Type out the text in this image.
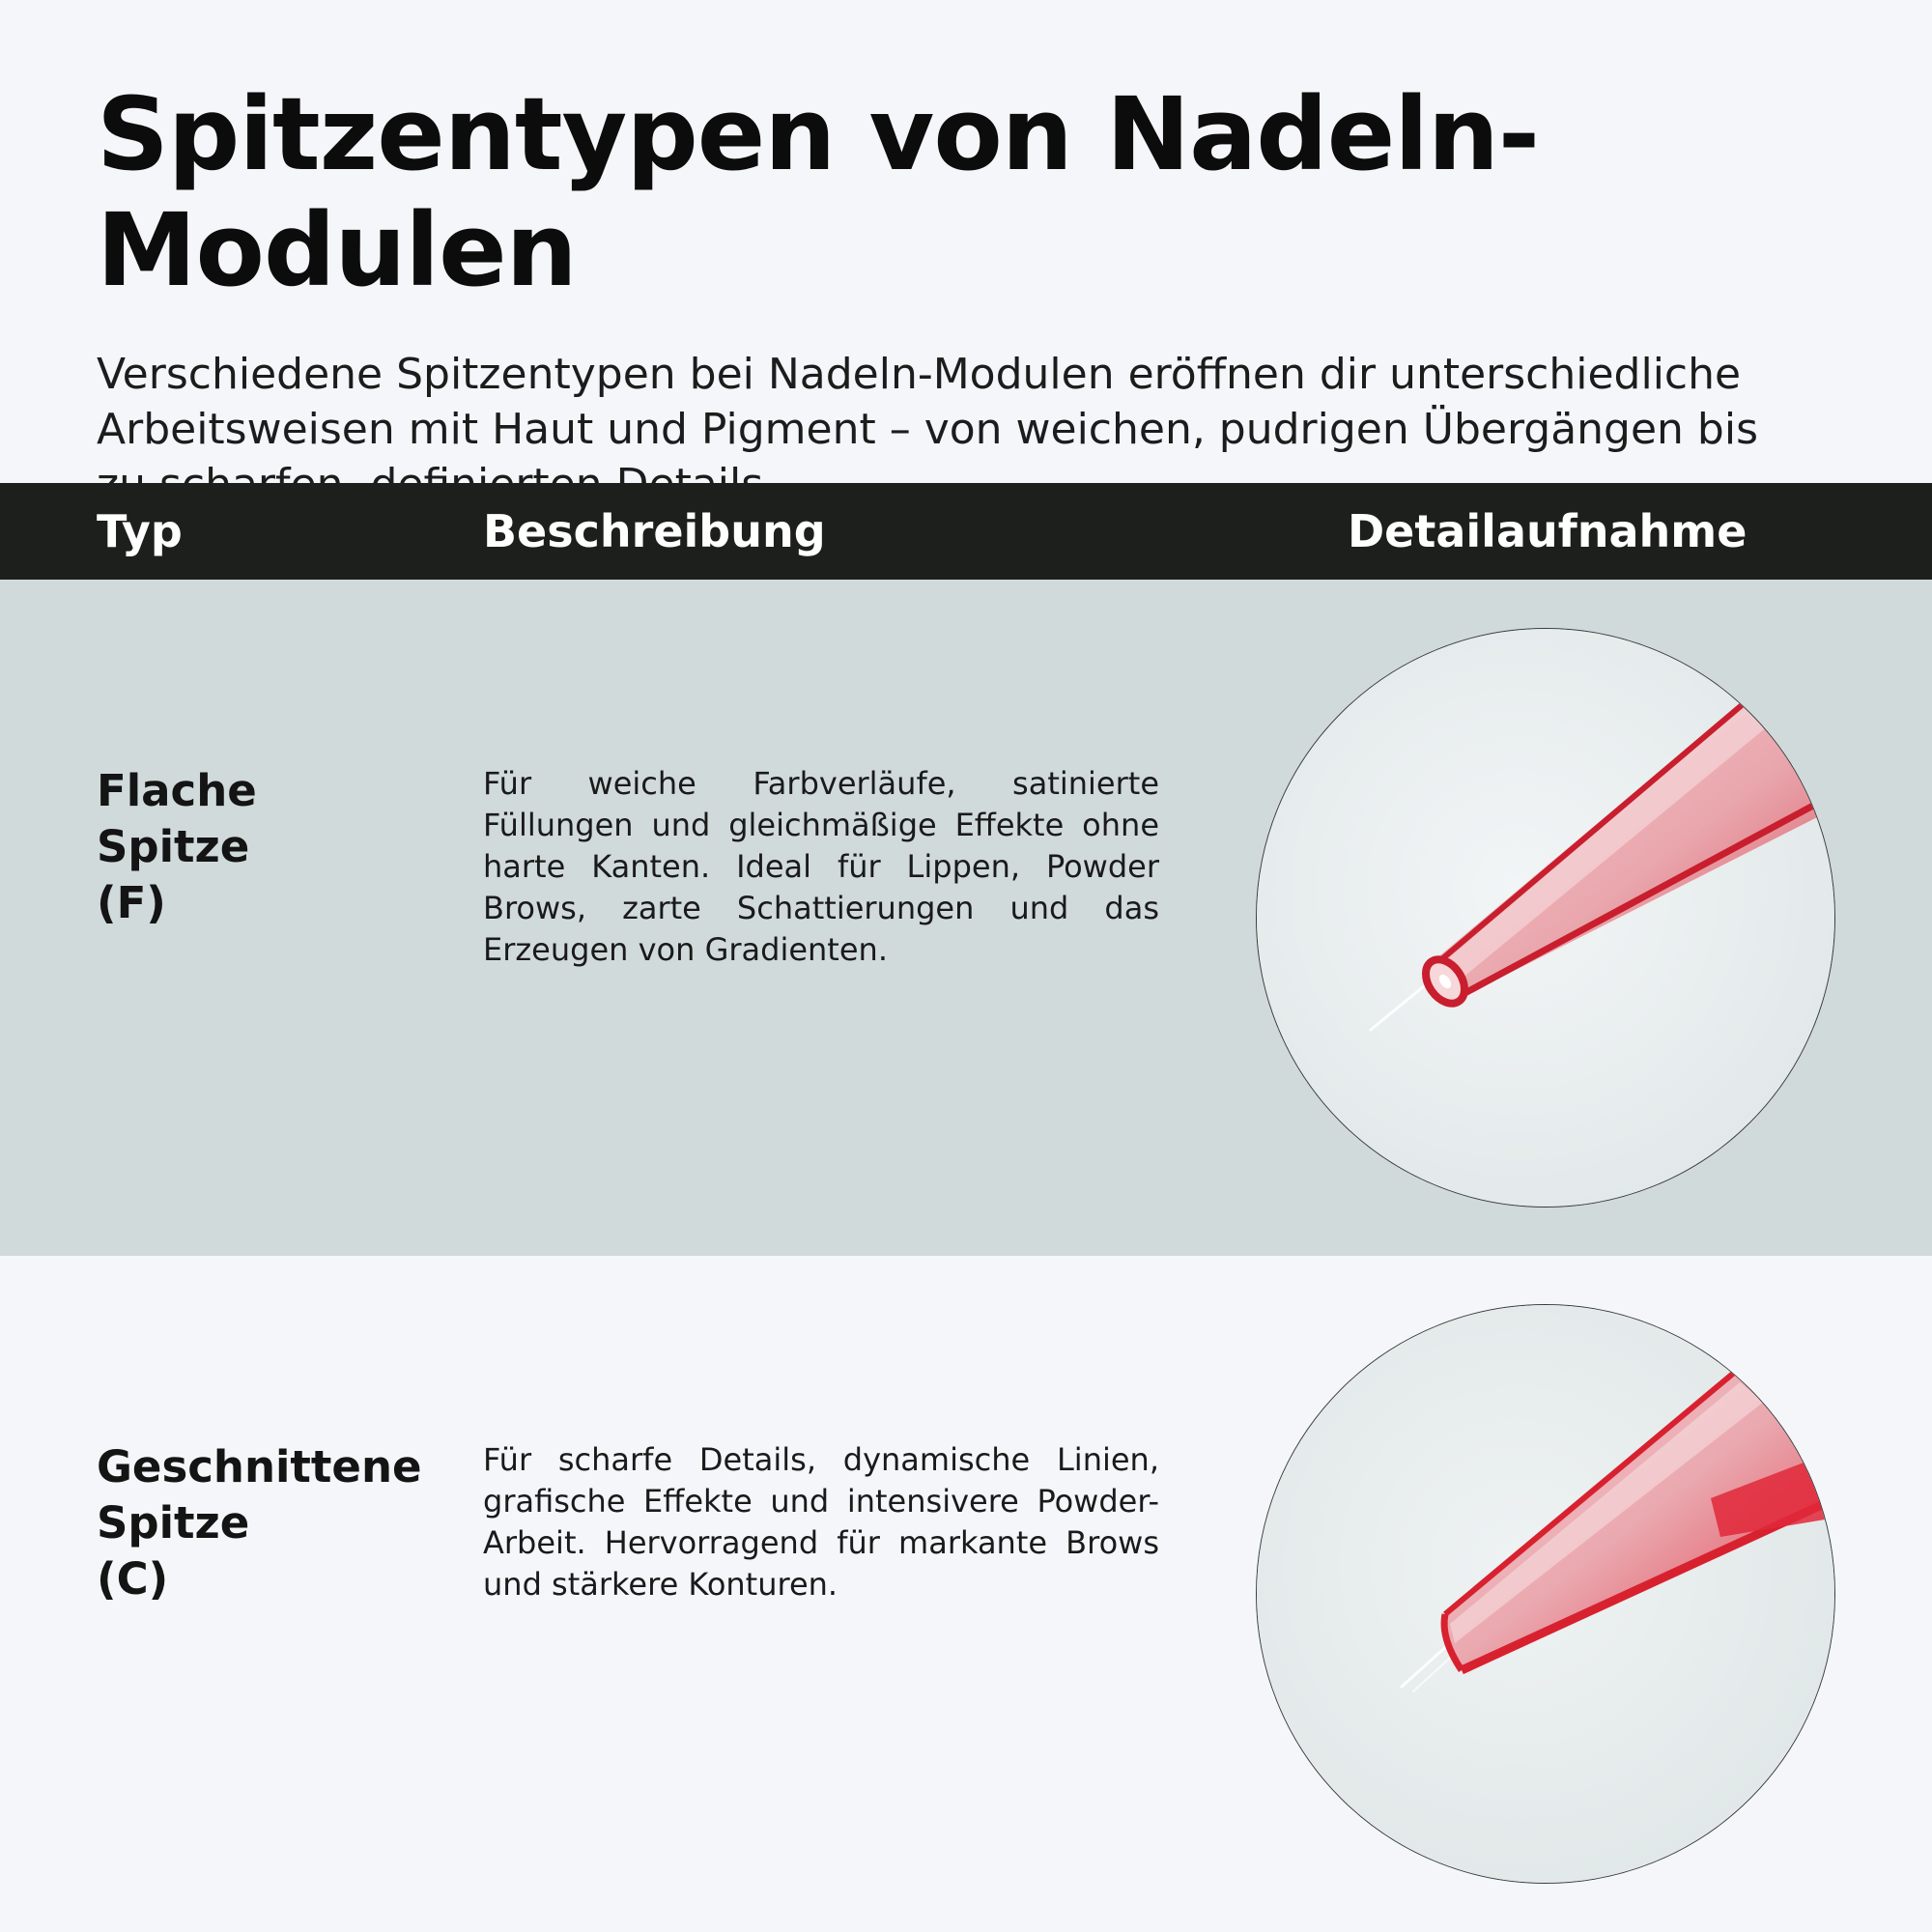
Spitzentypen von Nadeln-Modulen

Verschiedene Spitzentypen bei Nadeln-Modulen eröffnen dir unterschiedliche Arbeitsweisen mit Haut und Pigment – von weichen, pudrigen Übergängen bis

Typ	Beschreibung	Detailaufnahme
Flache
Spitze
(F)

Für weiche Farbverläufe, satinierte Füllungen und gleichmäßige Effekte ohne harte Kanten. Ideal für Lippen, Powder Brows, zarte Schattierungen und das Erzeugen von Gradienten.

Geschnittene
Spitze
(C)

Für scharfe Details, dynamische Linien, grafische Effekte und intensivere Powder-Arbeit. Hervorragend für markante Brows und stärkere Konturen.
